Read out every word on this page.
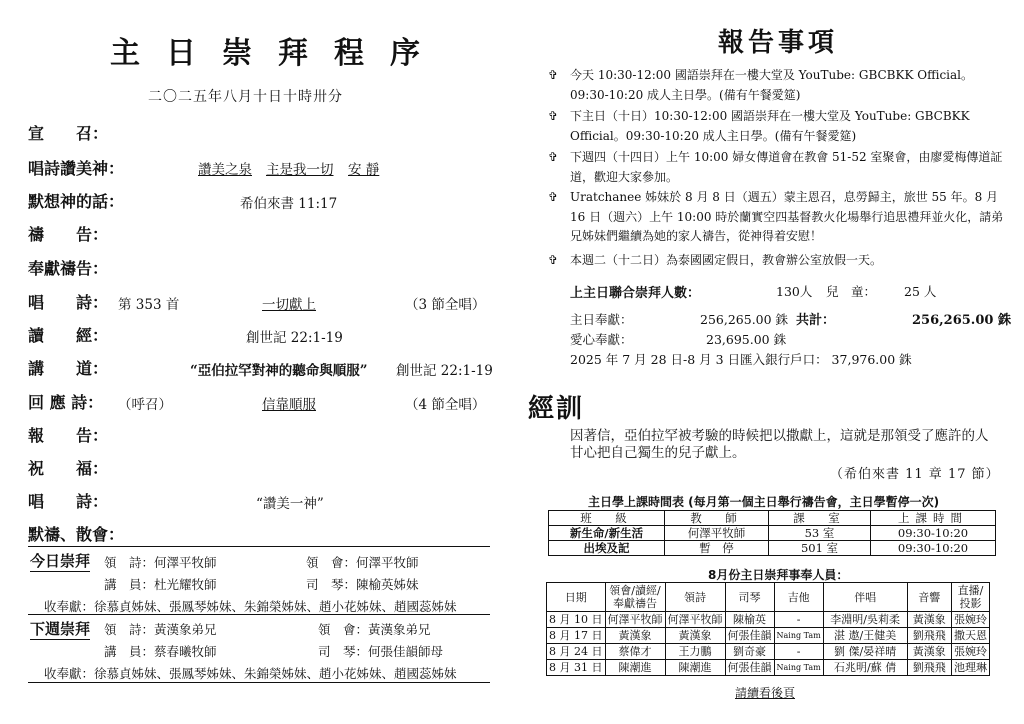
主日崇拜程序
二〇二五年八月十日十時卅分
宣　　召：
唱詩讚美神：	讚美之泉 主是我一切 安 靜
默想神的話：	希伯來書 11:17
禱　　告：
奉獻禱告：
唱　　詩： 第 353 首	一切獻上	（3 節全唱）
讀　　經：	創世記 22:1-19
講　　道：	“亞伯拉罕對神的聽命與順服” 創世記 22:1-19
回 應 詩： （呼召）	信靠順服	（4 節全唱）
報　　告：
祝　　福：
唱　　詩：	“讚美一神”
默禱、散會：
今日崇拜 領　詩：何澤平牧師	領　會：何澤平牧師
講　員：杜光耀牧師	司　琴：陳榆英姊妹
收奉獻：徐慕貞姊妹、張鳳琴姊妹、朱錦榮姊妹、趙小花姊妹、趙國蕊姊妹
下週崇拜 領　詩：黃漢象弟兄	領　會：黃漢象弟兄
講　員：蔡春曦牧師	司　琴：何張佳韻師母
收奉獻：徐慕貞姊妹、張鳳琴姊妹、朱錦榮姊妹、趙小花姊妹、趙國蕊姊妹
報告事項
✞ 今天 10:30-12:00 國語崇拜在一樓大堂及 YouTube: GBCBKK Official。09:30-10:20 成人主日學。(備有午餐愛筵)
✞ 下主日（十日）10:30-12:00 國語崇拜在一樓大堂及 YouTube: GBCBKK Official。09:30-10:20 成人主日學。(備有午餐愛筵)
✞ 下週四（十四日）上午 10:00 婦女傳道會在教會 51-52 室聚會，由廖愛梅傳道証道，歡迎大家參加。
✞ Uratchanee 姊妹於 8 月 8 日（週五）蒙主恩召，息勞歸主，旅世 55 年。8 月 16 日（週六）上午 10:00 時於蘭實空四基督教火化場舉行追思禮拜並火化，請弟兄姊妹們繼續為她的家人禱告，從神得着安慰！
✞ 本週二（十二日）為泰國國定假日，教會辦公室放假一天。
上主日聯合崇拜人數：	130人 兒　童： 25 人
主日奉獻：	256,265.00 銖 共計：	256,265.00 銖
愛心奉獻：	23,695.00 銖
2025 年 7 月 28 日-8 月 3 日匯入銀行戶口： 37,976.00 銖
經訓
因著信，亞伯拉罕被考驗的時候把以撒獻上，這就是那領受了應許的人甘心把自己獨生的兒子獻上。
（希伯來書 11 章 17 節）
主日學上課時間表 (每月第一個主日舉行禱告會，主日學暫停一次)
班　級	教　師	課　室	上課時間
新生命/新生活	何澤平牧師	53 室	09:30-10:20
出埃及記	暫　停	501 室	09:30-10:20
8月份主日崇拜事奉人員：
日期	領會/讀經/奉獻禱告	領詩	司琴	吉他	伴唱	音響	直播/投影
8 月 10 日	何澤平牧師	何澤平牧師	陳榆英	-	李淵明/吳莉柔	黃漢象	張婉玲
8 月 17 日	黃漢象	黃漢象	何張佳韻	Naing Tam	湛 遨/王健美	劉飛飛	撒天恩
8 月 24 日	蔡偉才	王力鵬	劉奇豪	-	劉 傑/晏祥晴	黃漢象	張婉玲
8 月 31 日	陳潮進	陳潮進	何張佳韻	Naing Tam	石兆明/蘇 倩	劉飛飛	池理琳
請續看後頁
